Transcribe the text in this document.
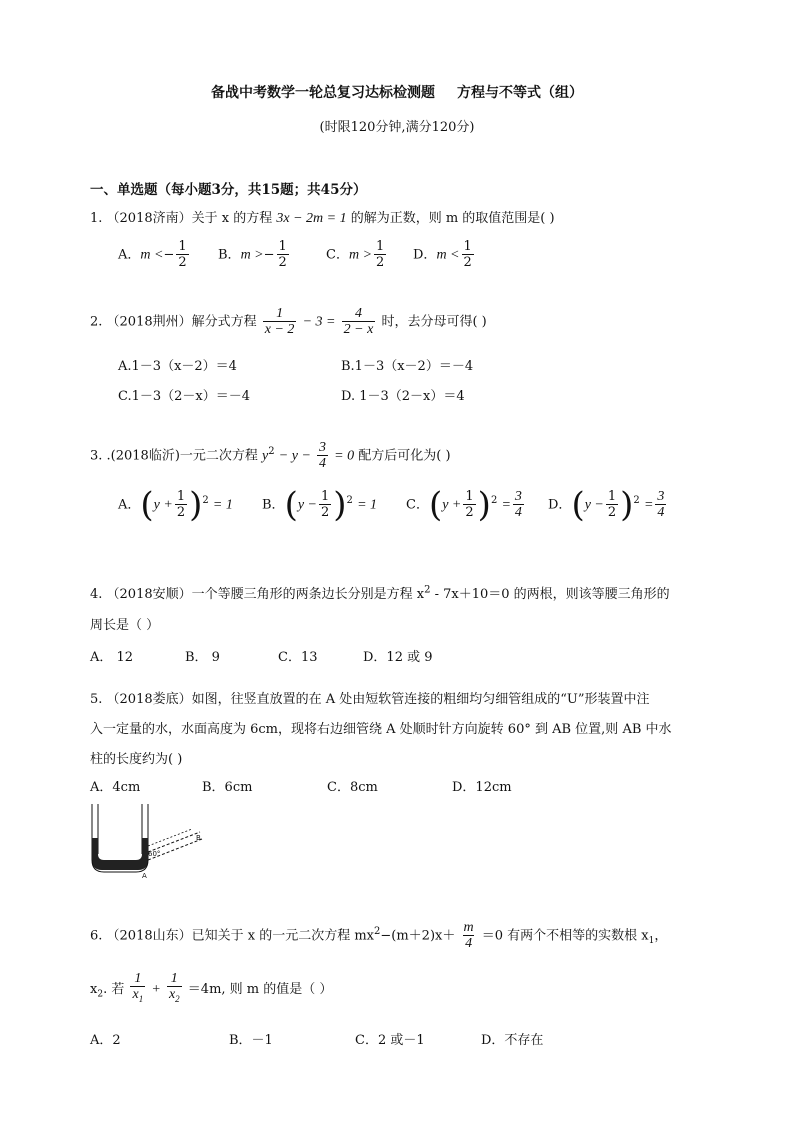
备战中考数学一轮总复习达标检测题 方程与不等式（组）
(时限120分钟,满分120分)
一、单选题（每小题3分，共15题；共45分）
1. （2018济南）关于 x 的方程 3x − 2m = 1 的解为正数，则 m 的取值范围是( )
A．$m <- \frac{1}{2}$ B．$m >- \frac{1}{2}$	C．$m > \frac{1}{2}$ D．$m < \frac{1}{2}$
2. （2018荆州）解分式方程 $\frac{1}{x - 2} - 3 = \frac{4}{2 - x}$ 时，去分母可得( )
A.1－3（x－2）＝4	B.1－3（x－2）＝－4
C.1－3（2－x）＝－4	D. 1－3（2－x）＝4
3. .(2018临沂)一元二次方程 $y^2 - y - \frac{3}{4} = 0$ 配方后可化为( )
A．$(y + \frac{1}{2} )^2 = 1$ B．$(y - \frac{1}{2} )^2 = 1$ C．$(y + \frac{1}{2} )^2 = \frac{3}{4}$ D．$(y - \frac{1}{2} )^2 = \frac{3}{4}$
4. （2018安顺）一个等腰三角形的两条边长分别是方程 $x^2 - 7x+10=0$ 的两根，则该等腰三角形的
周长是（ ）
A． 12	B． 9	C．13	D．12 或 9
5. （2018娄底）如图，往竖直放置的在 A 处由短软管连接的粗细均匀细管组成的“U”形装置中注
入一定量的水，水面高度为 6cm，现将右边细管绕 A 处顺时针方向旋转 60° 到 AB 位置,则 AB 中水
柱的长度约为( )
A．4cm	B．6cm	C．8cm	D．12cm
60°
A
B
6. （2018山东）已知关于 x 的一元二次方程 $mx^2-(m+2)x+ \frac{m}{4} =0$ 有两个不相等的实数根 $x_1$，
$x_2$. 若 $\frac{1}{x_1} + \frac{1}{x_2} =4m$, 则 m 的值是（ ）
A．2	B．－1	C．2 或－1	D．不存在
